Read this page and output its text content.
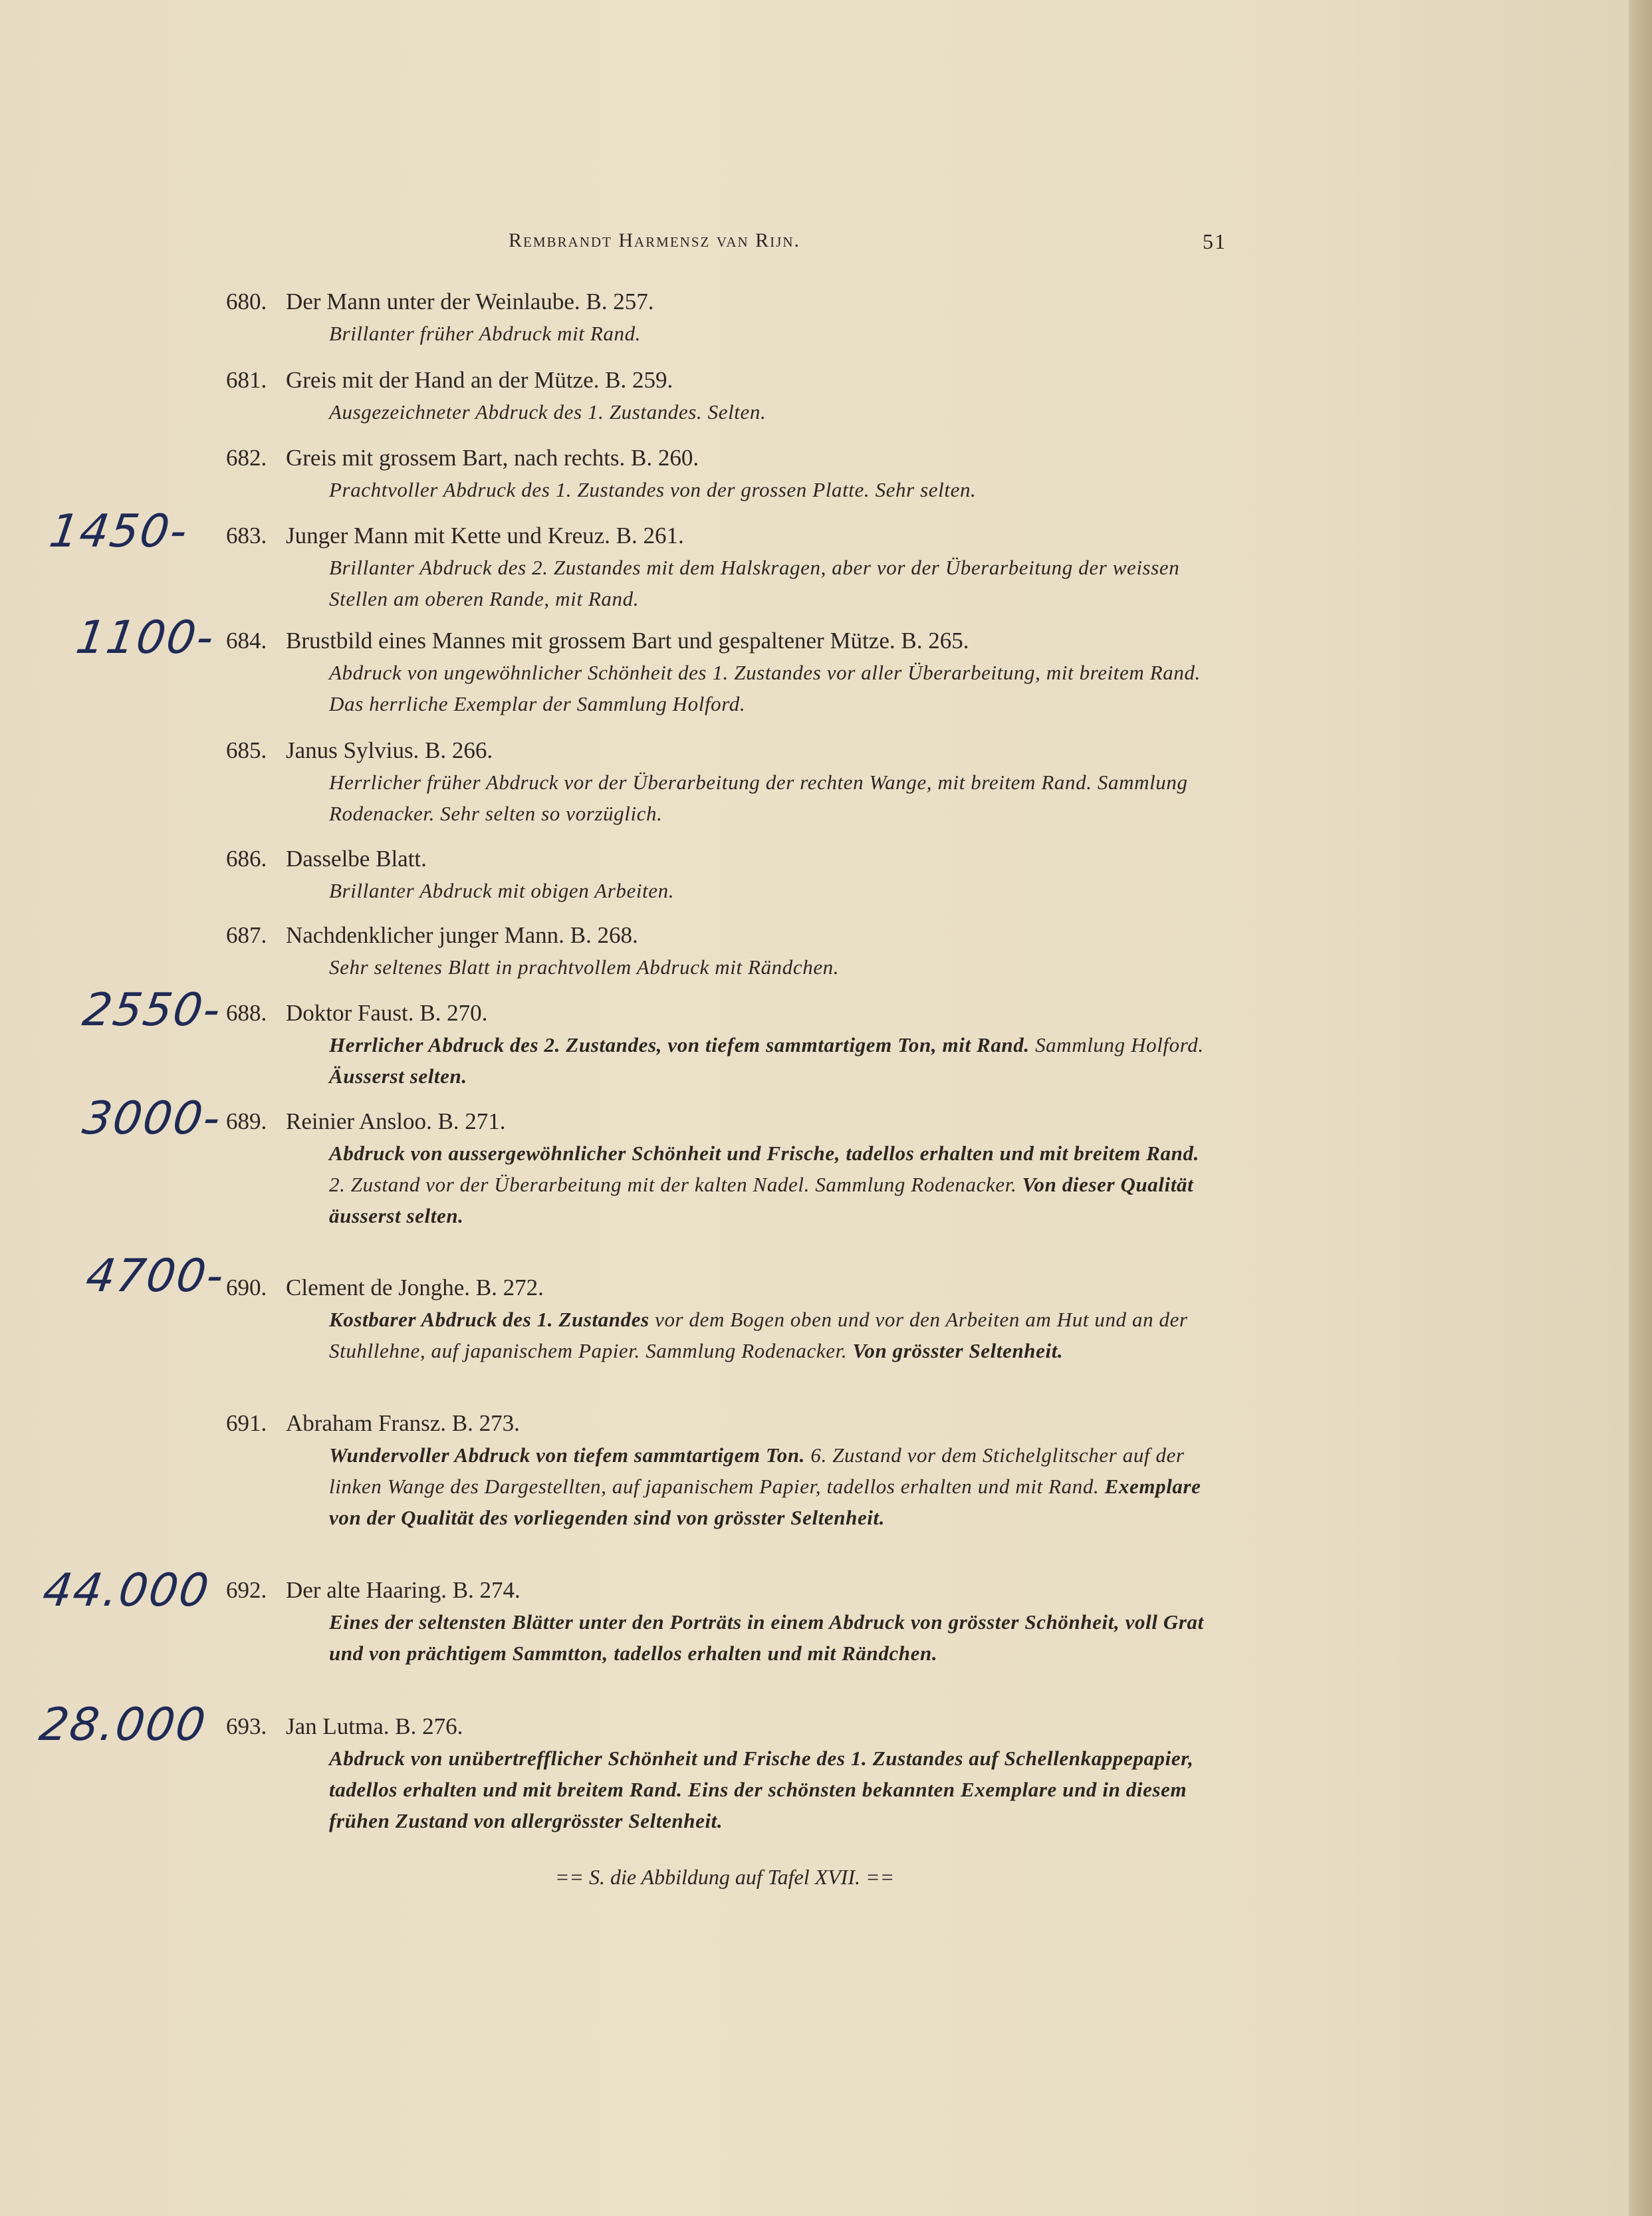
Rembrandt Harmensz van Rijn.	51
680. Der Mann unter der Weinlaube. B. 257.
Brillanter früher Abdruck mit Rand.
681. Greis mit der Hand an der Mütze. B. 259.
Ausgezeichneter Abdruck des 1. Zustandes. Selten.
682. Greis mit grossem Bart, nach rechts. B. 260.
Prachtvoller Abdruck des 1. Zustandes von der grossen Platte. Sehr selten.
683. Junger Mann mit Kette und Kreuz. B. 261.
Brillanter Abdruck des 2. Zustandes mit dem Halskragen, aber vor der Überarbeitung der weissen Stellen am oberen Rande, mit Rand.
684. Brustbild eines Mannes mit grossem Bart und gespaltener Mütze. B. 265.
Abdruck von ungewöhnlicher Schönheit des 1. Zustandes vor aller Überarbeitung, mit breitem Rand. Das herrliche Exemplar der Sammlung Holford.
685. Janus Sylvius. B. 266.
Herrlicher früher Abdruck vor der Überarbeitung der rechten Wange, mit breitem Rand. Sammlung Rodenacker. Sehr selten so vorzüglich.
686. Dasselbe Blatt.
Brillanter Abdruck mit obigen Arbeiten.
687. Nachdenklicher junger Mann. B. 268.
Sehr seltenes Blatt in prachtvollem Abdruck mit Rändchen.
688. Doktor Faust. B. 270.
Herrlicher Abdruck des 2. Zustandes, von tiefem sammtartigem Ton, mit Rand. Sammlung Holford. Äusserst selten.
689. Reinier Ansloo. B. 271.
Abdruck von aussergewöhnlicher Schönheit und Frische, tadellos erhalten und mit breitem Rand. 2. Zustand vor der Überarbeitung mit der kalten Nadel. Sammlung Rodenacker. Von dieser Qualität äusserst selten.
690. Clement de Jonghe. B. 272.
Kostbarer Abdruck des 1. Zustandes vor dem Bogen oben und vor den Arbeiten am Hut und an der Stuhllehne, auf japanischem Papier. Sammlung Rodenacker. Von grösster Seltenheit.
691. Abraham Fransz. B. 273.
Wundervoller Abdruck von tiefem sammtartigem Ton. 6. Zustand vor dem Stichelglitscher auf der linken Wange des Dargestellten, auf japanischem Papier, tadellos erhalten und mit Rand. Exemplare von der Qualität des vorliegenden sind von grösster Seltenheit.
692. Der alte Haaring. B. 274.
Eines der seltensten Blätter unter den Porträts in einem Abdruck von grösster Schönheit, voll Grat und von prächtigem Sammtton, tadellos erhalten und mit Rändchen.
693. Jan Lutma. B. 276.
Abdruck von unübertrefflicher Schönheit und Frische des 1. Zustandes auf Schellenkappepapier, tadellos erhalten und mit breitem Rand. Eins der schönsten bekannten Exemplare und in diesem frühen Zustand von allergrösster Seltenheit.
== S. die Abbildung auf Tafel XVII. ==
1450-
1100-
2550-
3000-
4700-
44.000
28.000
